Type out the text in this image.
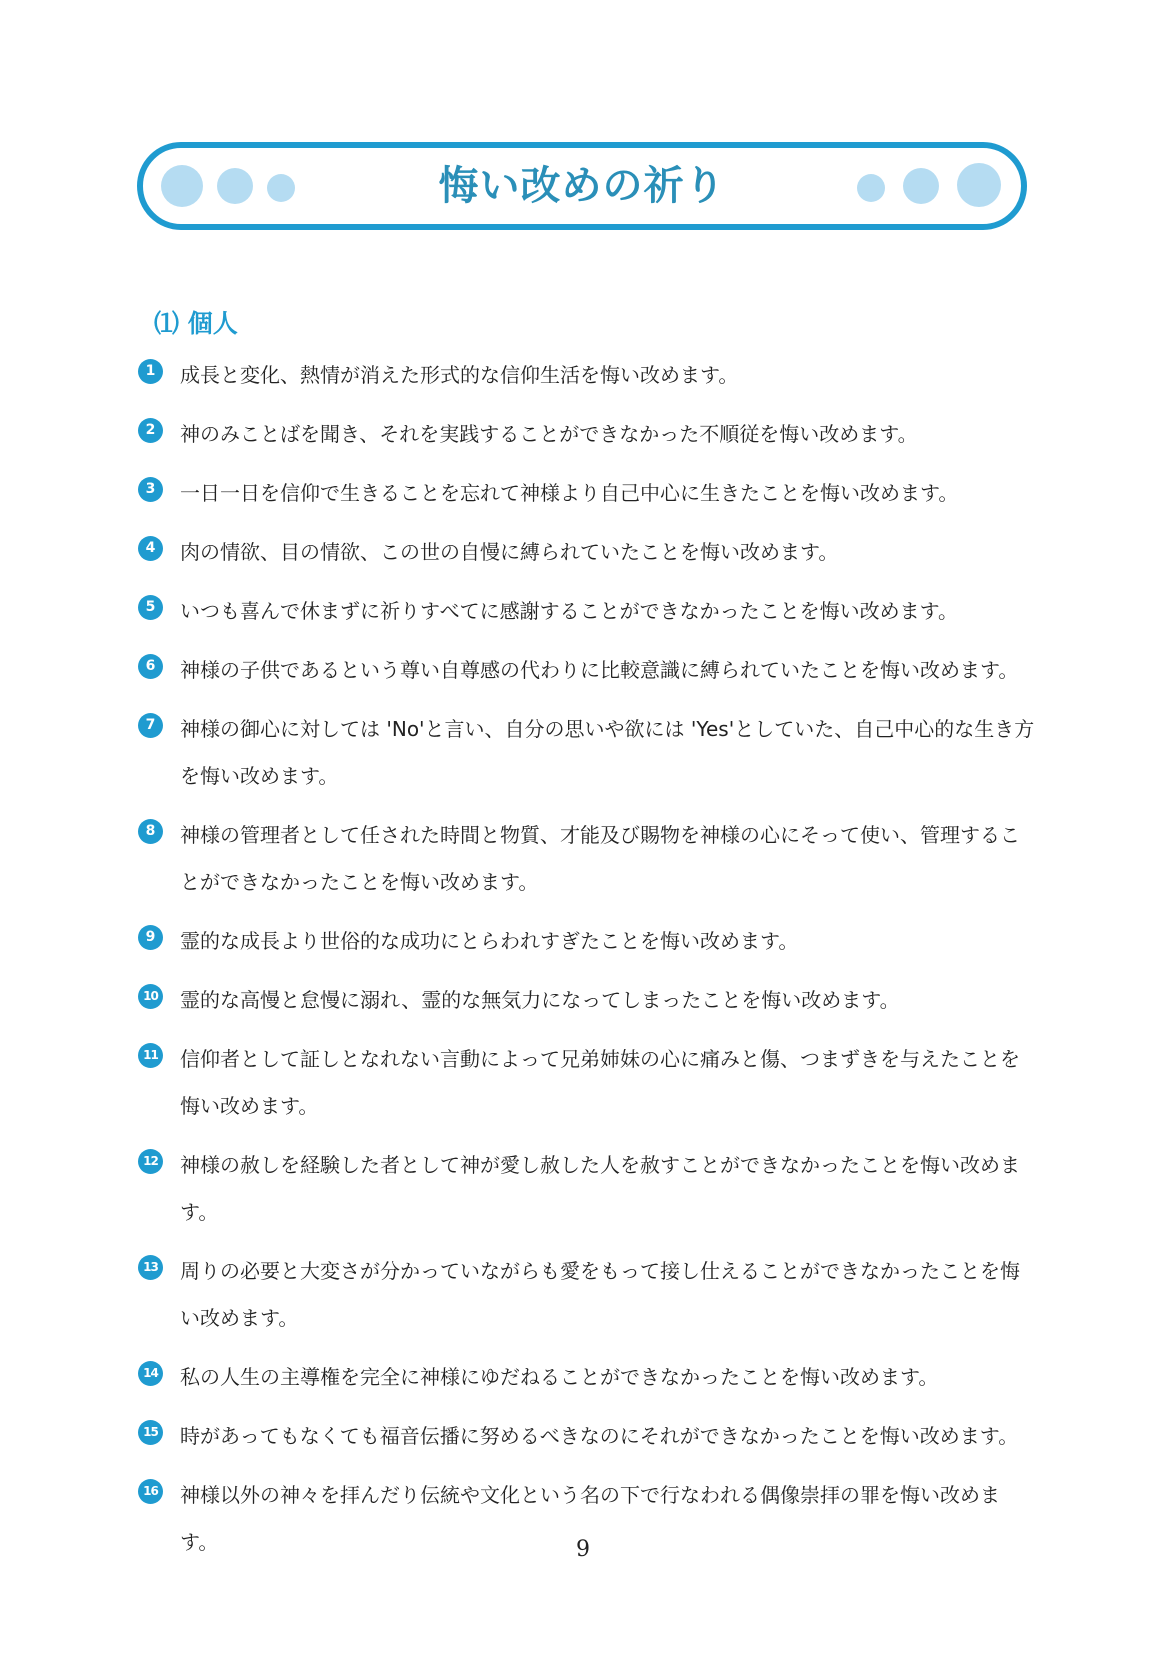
悔い改めの祈り
⑴ 個人
1	成長と変化、熱情が消えた形式的な信仰生活を悔い改めます。
2	神のみことばを聞き、それを実践することができなかった不順従を悔い改めます。
3	一日一日を信仰で生きることを忘れて神様より自己中心に生きたことを悔い改めます。
4	肉の情欲、目の情欲、この世の自慢に縛られていたことを悔い改めます。
5	いつも喜んで休まずに祈りすべてに感謝することができなかったことを悔い改めます。
6	神様の子供であるという尊い自尊感の代わりに比較意識に縛られていたことを悔い改めます。
7	神様の御心に対しては 'No'と言い、自分の思いや欲には 'Yes'としていた、自己中心的な生き方を悔い改めます。
8	神様の管理者として任された時間と物質、才能及び賜物を神様の心にそって使い、管理することができなかったことを悔い改めます。
9	霊的な成長より世俗的な成功にとらわれすぎたことを悔い改めます。
10 霊的な高慢と怠慢に溺れ、霊的な無気力になってしまったことを悔い改めます。
11 信仰者として証しとなれない言動によって兄弟姉妹の心に痛みと傷、つまずきを与えたことを悔い改めます。
12 神様の赦しを経験した者として神が愛し赦した人を赦すことができなかったことを悔い改めます。
13 周りの必要と大変さが分かっていながらも愛をもって接し仕えることができなかったことを悔い改めます。
14 私の人生の主導権を完全に神様にゆだねることができなかったことを悔い改めます。
15 時があってもなくても福音伝播に努めるべきなのにそれができなかったことを悔い改めます。
16 神様以外の神々を拝んだり伝統や文化という名の下で行なわれる偶像崇拝の罪を悔い改めます。	9
